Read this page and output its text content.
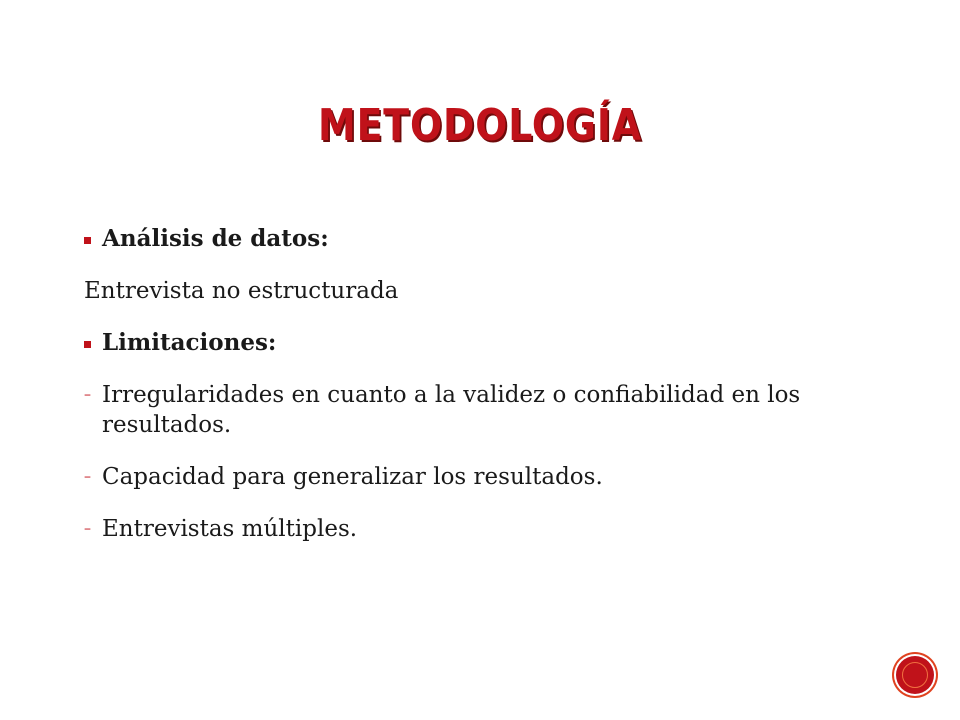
METODOLOGÍA
Análisis de datos:
Entrevista no estructurada
Limitaciones:
– Irregularidades en cuanto a la validez o confiabilidad en los resultados.
– Capacidad para generalizar los resultados.
– Entrevistas múltiples.
